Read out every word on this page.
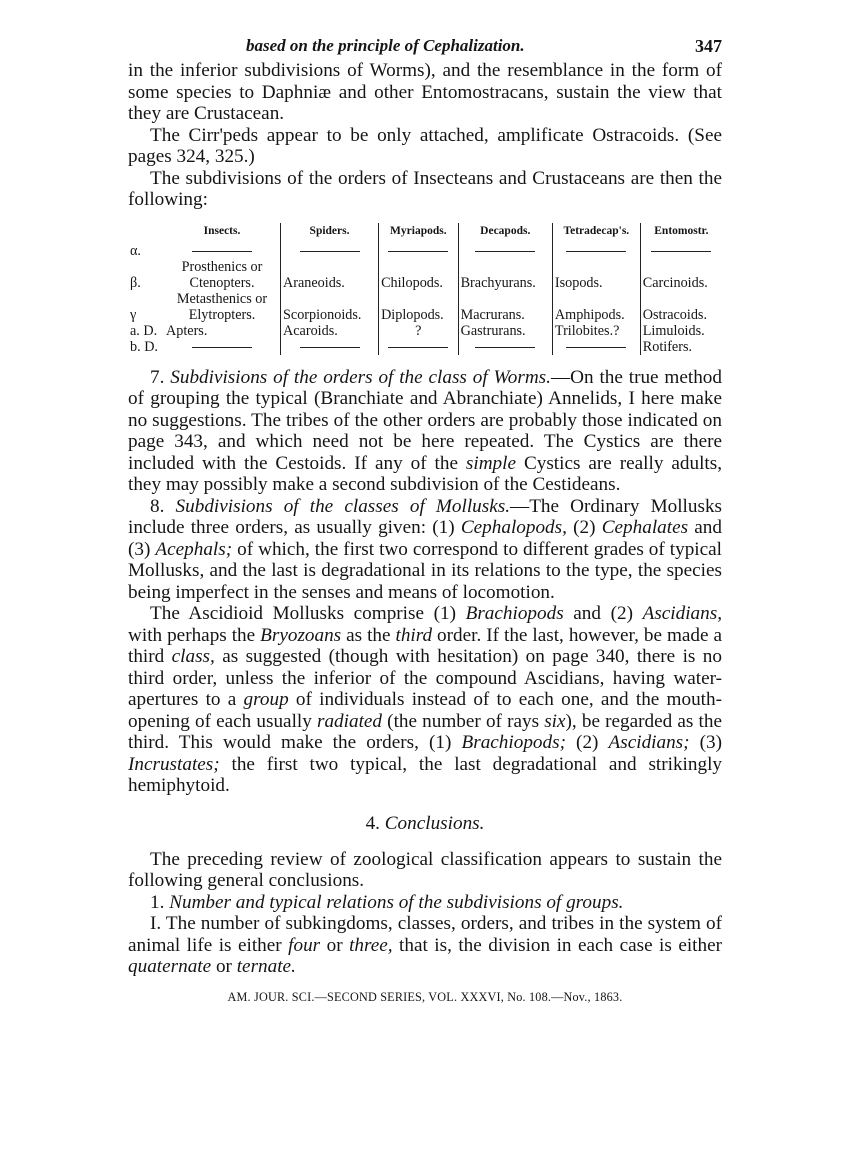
based on the principle of Cephalization.	347

in the inferior subdivisions of Worms), and the resemblance in the form of some species to Daphniæ and other Entomostracans, sustain the view that they are Crustacean.

The Cirr'peds appear to be only attached, amplificate Ostracoids. (See pages 324, 325.)

The subdivisions of the orders of Insecteans and Crustaceans are then the following:

	Insects.	Spiders.	Myriapods.	Decapods.	Tetradecap's.	Entomostr.
α.						
β.	Prosthenics or Ctenopters.	Araneoids.	Chilopods.	Brachyurans.	Isopods.	Carcinoids.
γ	Metasthenics or Elytropters.	Scorpionoids.	Diplopods.	Macrurans.	Amphipods.	Ostracoids.
a. D.	Apters.	Acaroids.	?	Gastrurans.	Trilobites.?	Limuloids.
b. D.						Rotifers.

7. Subdivisions of the orders of the class of Worms.—On the true method of grouping the typical (Branchiate and Abranchiate) Annelids, I here make no suggestions. The tribes of the other orders are probably those indicated on page 343, and which need not be here repeated. The Cystics are there included with the Cestoids. If any of the simple Cystics are really adults, they may possibly make a second subdivision of the Cestideans.

8. Subdivisions of the classes of Mollusks.—The Ordinary Mollusks include three orders, as usually given: (1) Cephalopods, (2) Cephalates and (3) Acephals; of which, the first two correspond to different grades of typical Mollusks, and the last is degradational in its relations to the type, the species being imperfect in the senses and means of locomotion.

The Ascidioid Mollusks comprise (1) Brachiopods and (2) Ascidians, with perhaps the Bryozoans as the third order. If the last, however, be made a third class, as suggested (though with hesitation) on page 340, there is no third order, unless the inferior of the compound Ascidians, having water-apertures to a group of individuals instead of to each one, and the mouth-opening of each usually radiated (the number of rays six), be regarded as the third. This would make the orders, (1) Brachiopods; (2) Ascidians; (3) Incrustates; the first two typical, the last degradational and strikingly hemiphytoid.

4. Conclusions.

The preceding review of zoological classification appears to sustain the following general conclusions.

1. Number and typical relations of the subdivisions of groups.

I. The number of subkingdoms, classes, orders, and tribes in the system of animal life is either four or three, that is, the division in each case is either quaternate or ternate.

AM. JOUR. SCI.—SECOND SERIES, VOL. XXXVI, No. 108.—Nov., 1863.
